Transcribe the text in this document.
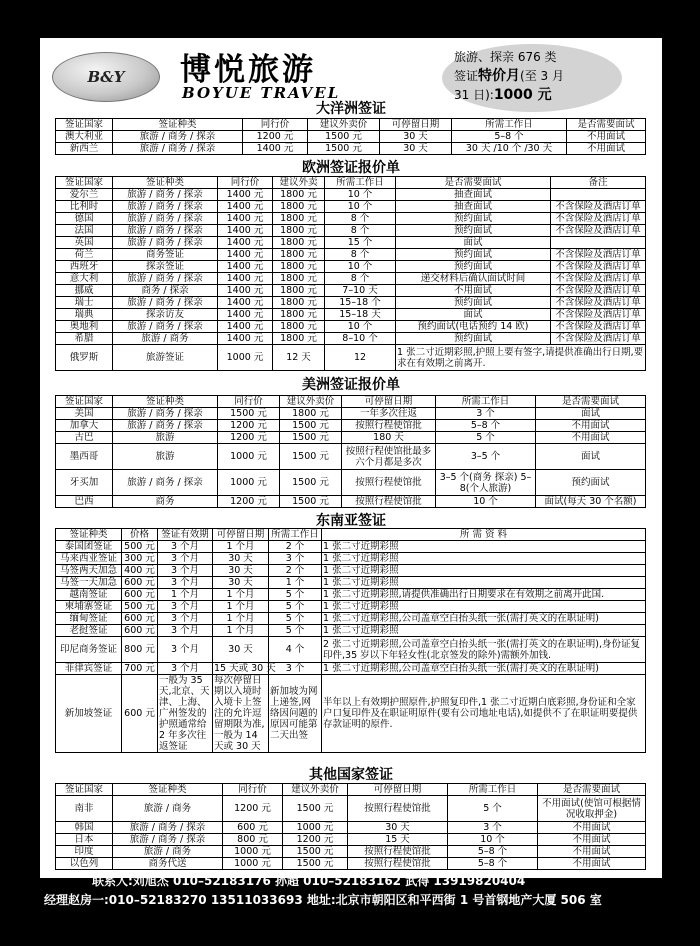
B&Y 博悦旅游
BOYUE TRAVEL
旅游、探亲 676 类
签证特价月(至 3 月
31 日):1000 元
大洋洲签证
签证国家	签证种类	同行价	建议外卖价	可停留日期	所需工作日	是否需要面试
澳大利亚	旅游 / 商务 / 探亲	1200 元	1500 元	30 天	5–8 个	不用面试
新西兰	旅游 / 商务 / 探亲	1400 元	1500 元	30 天	30 天 /10 个 /30 天	不用面试
欧洲签证报价单
签证国家	签证种类	同行价	建议外卖	所需工作日	是否需要面试	备注
爱尔兰	旅游 / 商务 / 探亲	1400 元	1800 元	10 个	抽查面试	
比利时	旅游 / 商务 / 探亲	1400 元	1800 元	10 个	抽查面试	不含保险及酒店订单
德国	旅游 / 商务 / 探亲	1400 元	1800 元	8 个	预约面试	不含保险及酒店订单
法国	旅游 / 商务 / 探亲	1400 元	1800 元	8 个	预约面试	不含保险及酒店订单
英国	旅游 / 商务 / 探亲	1400 元	1800 元	15 个	面试	
荷兰	商务签证	1400 元	1800 元	8 个	预约面试	不含保险及酒店订单
西班牙	探亲签证	1400 元	1800 元	10 个	预约面试	不含保险及酒店订单
意大利	旅游 / 商务 / 探亲	1400 元	1800 元	8 个	递交材料后确认面试时间	不含保险及酒店订单
挪威	商务 / 探亲	1400 元	1800 元	7–10 天	不用面试	不含保险及酒店订单
瑞士	旅游 / 商务 / 探亲	1400 元	1800 元	15–18 个	预约面试	不含保险及酒店订单
瑞典	探亲访友	1400 元	1800 元	15–18 天	面试	不含保险及酒店订单
奥地利	旅游 / 商务 / 探亲	1400 元	1800 元	10 个	预约面试(电话预约 14 欧)	不含保险及酒店订单
希腊	旅游 / 商务	1400 元	1800 元	8–10 个	预约面试	不含保险及酒店订单
俄罗斯	旅游签证	1000 元	12 天	12	1 张二寸近期彩照,护照上要有签字,请提供准确出行日期,要求在有效期之前离开.	
美洲签证报价单
签证国家	签证种类	同行价	建议外卖价	可停留日期	所需工作日	是否需要面试
美国	旅游 / 商务 / 探亲	1500 元	1800 元	一年多次往返	3 个	面试
加拿大	旅游 / 商务 / 探亲	1200 元	1500 元	按照行程使馆批	5–8 个	不用面试
古巴	旅游	1200 元	1500 元	180 天	5 个	不用面试
墨西哥	旅游	1000 元	1500 元	按照行程使馆批最多六个月都是多次	3–5 个	面试
牙买加	旅游 / 商务 / 探亲	1000 元	1500 元	按照行程使馆批	3–5 个(商务 探亲) 5–8(个人旅游)	预约面试
巴西	商务	1200 元	1500 元	按照行程使馆批	10 个	面试(每天 30 个名额)
东南亚签证
签证种类	价格	签证有效期	可停留日期	所需工作日	所 需 资 料
泰国团签证	500 元	3 个月	1 个月	2 个	1 张二寸近期彩照
马来西亚签证	300 元	3 个月	30 天	3 个	1 张二寸近期彩照
马签两天加急	400 元	3 个月	30 天	2 个	1 张二寸近期彩照
马签一天加急	600 元	3 个月	30 天	1 个	1 张二寸近期彩照
越南签证	600 元	1 个月	1 个月	5 个	1 张二寸近期彩照,请提供准确出行日期要求在有效期之前离开此国.
柬埔寨签证	500 元	3 个月	1 个月	5 个	1 张二寸近期彩照
缅甸签证	600 元	3 个月	1 个月	5 个	1 张二寸近期彩照,公司盖章空白抬头纸一张(需打英文的在职证明)
老挝签证	600 元	3 个月	1 个月	5 个	1 张二寸近期彩照
印尼商务签证	800 元	3 个月	30 天	4 个	2 张二寸近期彩照,公司盖章空白抬头纸一张(需打英文的在职证明),身份证复印件,35 岁以下年轻女性(北京签发的除外)需额外加钱.
菲律宾签证	700 元	3 个月	15 天或 30 天	3 个	1 张二寸近期彩照,公司盖章空白抬头纸一张(需打英文的在职证明)
新加坡签证	600 元	一般为 35 天,北京、天津、上海、广州签发的护照通常给 2 年多次往返签证	每次停留日期以入境时入境卡上签注的允许逗留期限为准,一般为 14 天或 30 天	新加坡为网上递签,网络因问题的原因可能第二天出签	半年以上有效期护照原件,护照复印件,1 张二寸近期白底彩照,身份证和全家户口复印件及在职证明原件(要有公司地址电话),如提供不了在职证明要提供存款证明的原件.
其他国家签证
签证国家	签证种类	同行价	建议外卖价	可停留日期	所需工作日	是否需要面试
南非	旅游 / 商务	1200 元	1500 元	按照行程使馆批	5 个	不用面试(使馆可根据情况收取押金)
韩国	旅游 / 商务 / 探亲	600 元	1000 元	30 天	3 个	不用面试
日本	旅游 / 商务 / 探亲	800 元	1200 元	15 天	10 个	不用面试
印度	旅游 / 商务	1000 元	1500 元	按照行程使馆批	5–8 个	不用面试
以色列	商务代送	1000 元	1500 元	按照行程使馆批	5–8 个	不用面试
联系人:刘旭杰 010–52183176 孙超 010–52183162 武得 13919820404
经理赵房一:010–52183270 13511033693 地址:北京市朝阳区和平西街 1 号首钢地产大厦 506 室
